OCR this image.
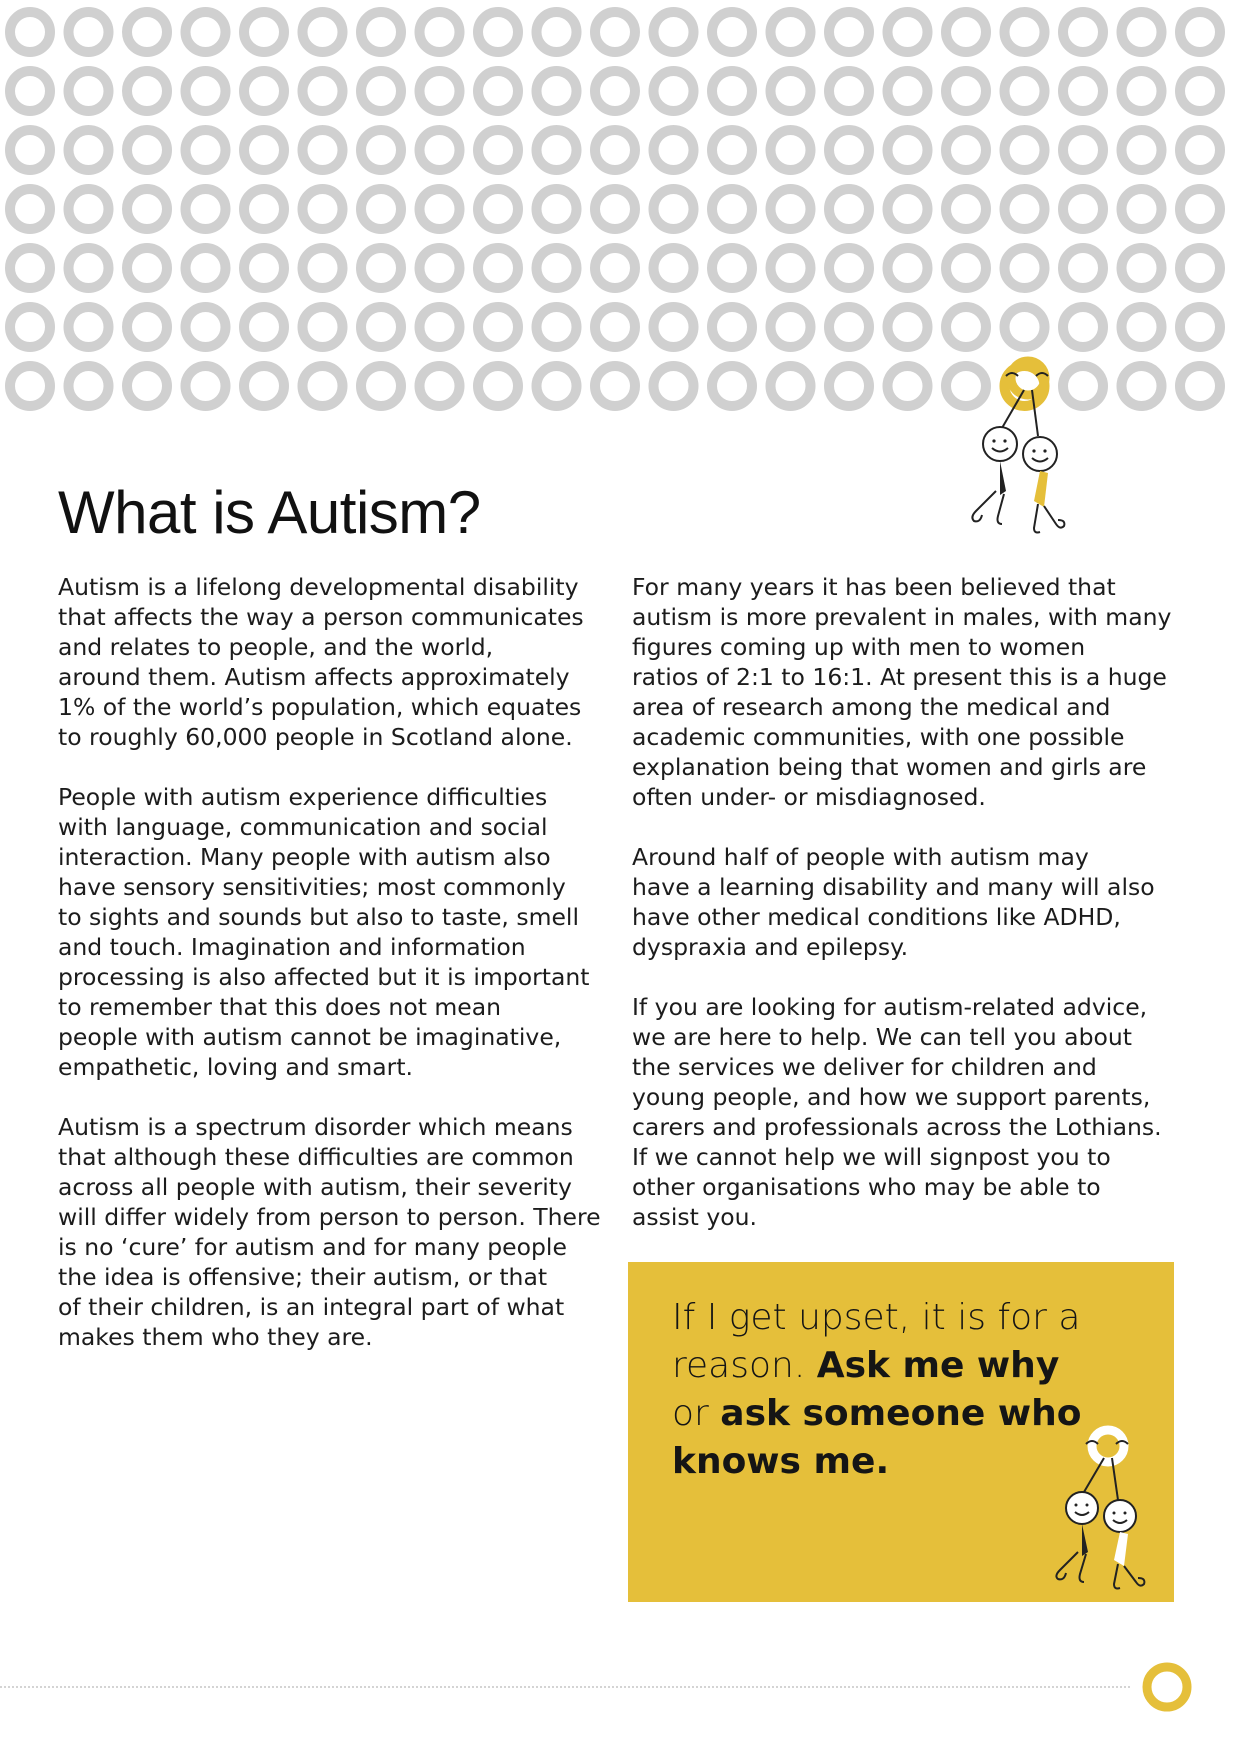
What is Autism?

Autism is a lifelong developmental disability
that affects the way a person communicates
and relates to people, and the world,
around them. Autism affects approximately
1% of the world’s population, which equates
to roughly 60,000 people in Scotland alone.

People with autism experience difficulties
with language, communication and social
interaction. Many people with autism also
have sensory sensitivities; most commonly
to sights and sounds but also to taste, smell
and touch. Imagination and information
processing is also affected but it is important
to remember that this does not mean
people with autism cannot be imaginative,
empathetic, loving and smart.

Autism is a spectrum disorder which means
that although these difficulties are common
across all people with autism, their severity
will differ widely from person to person. There
is no ‘cure’ for autism and for many people
the idea is offensive; their autism, or that
of their children, is an integral part of what
makes them who they are.

For many years it has been believed that
autism is more prevalent in males, with many
figures coming up with men to women
ratios of 2:1 to 16:1. At present this is a huge
area of research among the medical and
academic communities, with one possible
explanation being that women and girls are
often under- or misdiagnosed.

Around half of people with autism may
have a learning disability and many will also
have other medical conditions like ADHD,
dyspraxia and epilepsy.

If you are looking for autism-related advice,
we are here to help. We can tell you about
the services we deliver for children and
young people, and how we support parents,
carers and professionals across the Lothians.
If we cannot help we will signpost you to
other organisations who may be able to
assist you.

If I get upset, it is for a reason. Ask me why or ask someone who knows me.
